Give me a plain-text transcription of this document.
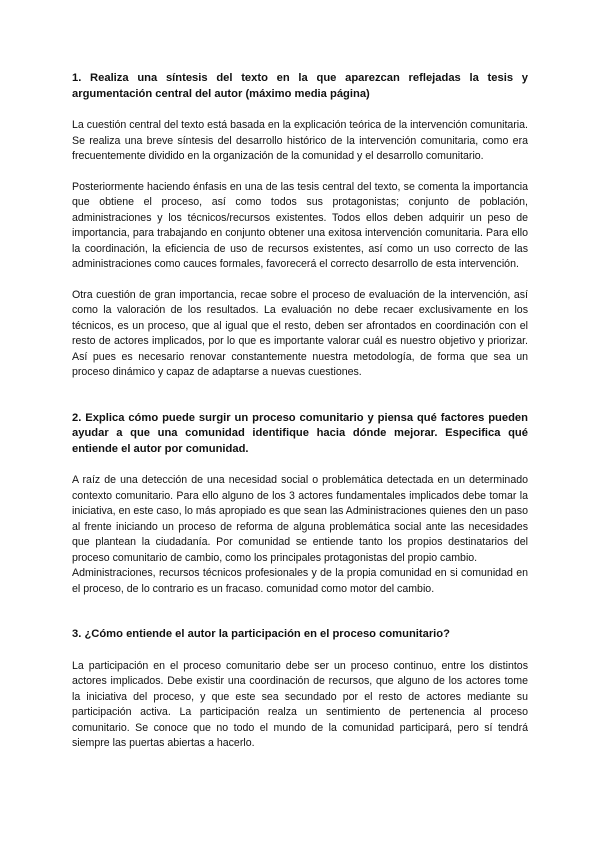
1. Realiza una síntesis del texto en la que aparezcan reflejadas la tesis y argumentación central del autor (máximo media página)

La cuestión central del texto está basada en la explicación teórica de la intervención comunitaria. Se realiza una breve síntesis del desarrollo histórico de la intervención comunitaria, como era frecuentemente dividido en la organización de la comunidad y el desarrollo comunitario.

Posteriormente haciendo énfasis en una de las tesis central del texto, se comenta la importancia que obtiene el proceso, así como todos sus protagonistas; conjunto de población, administraciones y los técnicos/recursos existentes. Todos ellos deben adquirir un peso de importancia, para trabajando en conjunto obtener una exitosa intervención comunitaria. Para ello la coordinación, la eficiencia de uso de recursos existentes, así como un uso correcto de las administraciones como cauces formales, favorecerá el correcto desarrollo de esta intervención.

Otra cuestión de gran importancia, recae sobre el proceso de evaluación de la intervención, así como la valoración de los resultados. La evaluación no debe recaer exclusivamente en los técnicos, es un proceso, que al igual que el resto, deben ser afrontados en coordinación con el resto de actores implicados, por lo que es importante valorar cuál es nuestro objetivo y priorizar. Así pues es necesario renovar constantemente nuestra metodología, de forma que sea un proceso dinámico y capaz de adaptarse a nuevas cuestiones.

2. Explica cómo puede surgir un proceso comunitario y piensa qué factores pueden ayudar a que una comunidad identifique hacia dónde mejorar. Especifica qué entiende el autor por comunidad.

A raíz de una detección de una necesidad social o problemática detectada en un determinado contexto comunitario. Para ello alguno de los 3 actores fundamentales implicados debe tomar la iniciativa, en este caso, lo más apropiado es que sean las Administraciones quienes den un paso al frente iniciando un proceso de reforma de alguna problemática social ante las necesidades que plantean la ciudadanía. Por comunidad se entiende tanto los propios destinatarios del proceso comunitario de cambio, como los principales protagonistas del propio cambio.

Administraciones, recursos técnicos profesionales y de la propia comunidad en si comunidad en el proceso, de lo contrario es un fracaso. comunidad como motor del cambio.

3. ¿Cómo entiende el autor la participación en el proceso comunitario?

La participación en el proceso comunitario debe ser un proceso continuo, entre los distintos actores implicados. Debe existir una coordinación de recursos, que alguno de los actores tome la iniciativa del proceso, y que este sea secundado por el resto de actores mediante su participación activa. La participación realza un sentimiento de pertenencia al proceso comunitario. Se conoce que no todo el mundo de la comunidad participará, pero sí tendrá siempre las puertas abiertas a hacerlo.
